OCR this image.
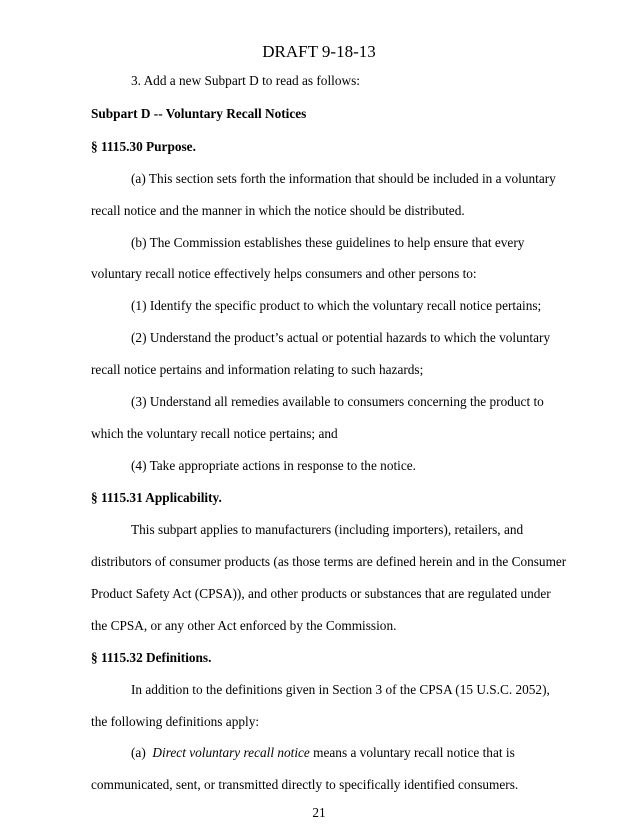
DRAFT 9-18-13
3. Add a new Subpart D to read as follows:
Subpart D -- Voluntary Recall Notices
§ 1115.30 Purpose.
(a) This section sets forth the information that should be included in a voluntary
recall notice and the manner in which the notice should be distributed.
(b) The Commission establishes these guidelines to help ensure that every
voluntary recall notice effectively helps consumers and other persons to:
(1) Identify the specific product to which the voluntary recall notice pertains;
(2) Understand the product’s actual or potential hazards to which the voluntary
recall notice pertains and information relating to such hazards;
(3) Understand all remedies available to consumers concerning the product to
which the voluntary recall notice pertains; and
(4) Take appropriate actions in response to the notice.
§ 1115.31 Applicability.
This subpart applies to manufacturers (including importers), retailers, and
distributors of consumer products (as those terms are defined herein and in the Consumer
Product Safety Act (CPSA)), and other products or substances that are regulated under
the CPSA, or any other Act enforced by the Commission.
§ 1115.32 Definitions.
In addition to the definitions given in Section 3 of the CPSA (15 U.S.C. 2052),
the following definitions apply:
(a)  Direct voluntary recall notice means a voluntary recall notice that is
communicated, sent, or transmitted directly to specifically identified consumers.
21
